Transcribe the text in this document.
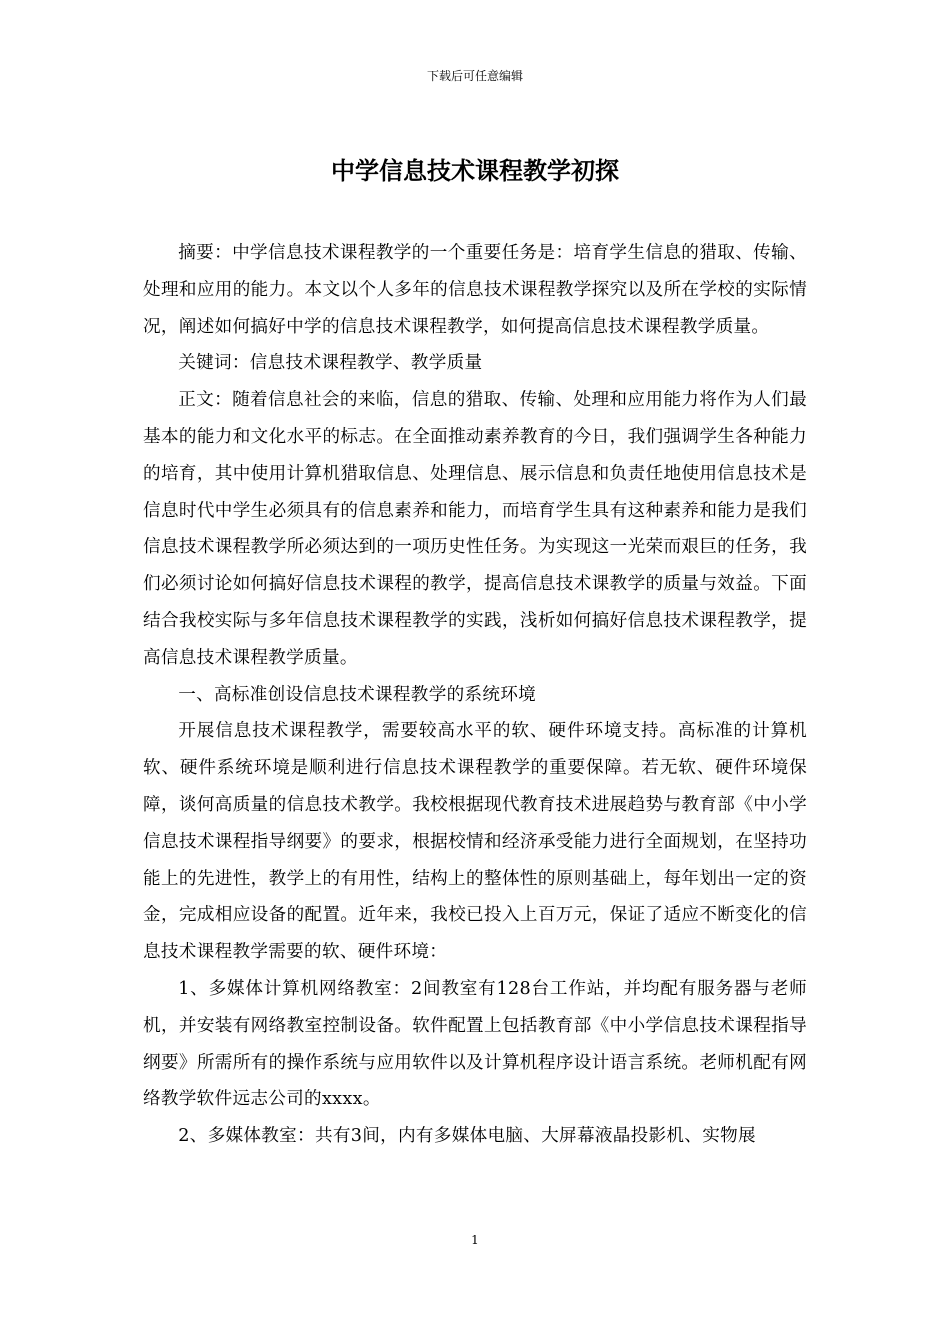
下载后可任意编辑
中学信息技术课程教学初探

摘要：中学信息技术课程教学的一个重要任务是：培育学生信息的猎取、传输、处理和应用的能力。本文以个人多年的信息技术课程教学探究以及所在学校的实际情况，阐述如何搞好中学的信息技术课程教学，如何提高信息技术课程教学质量。

关键词：信息技术课程教学、教学质量

正文：随着信息社会的来临，信息的猎取、传输、处理和应用能力将作为人们最基本的能力和文化水平的标志。在全面推动素养教育的今日，我们强调学生各种能力的培育，其中使用计算机猎取信息、处理信息、展示信息和负责任地使用信息技术是信息时代中学生必须具有的信息素养和能力，而培育学生具有这种素养和能力是我们信息技术课程教学所必须达到的一项历史性任务。为实现这一光荣而艰巨的任务，我们必须讨论如何搞好信息技术课程的教学，提高信息技术课教学的质量与效益。下面结合我校实际与多年信息技术课程教学的实践，浅析如何搞好信息技术课程教学，提高信息技术课程教学质量。

一、高标准创设信息技术课程教学的系统环境

开展信息技术课程教学，需要较高水平的软、硬件环境支持。高标准的计算机软、硬件系统环境是顺利进行信息技术课程教学的重要保障。若无软、硬件环境保障，谈何高质量的信息技术教学。我校根据现代教育技术进展趋势与教育部《中小学信息技术课程指导纲要》的要求，根据校情和经济承受能力进行全面规划，在坚持功能上的先进性，教学上的有用性，结构上的整体性的原则基础上，每年划出一定的资金，完成相应设备的配置。近年来，我校已投入上百万元，保证了适应不断变化的信息技术课程教学需要的软、硬件环境：

1、多媒体计算机网络教室：2间教室有128台工作站，并均配有服务器与老师机，并安装有网络教室控制设备。软件配置上包括教育部《中小学信息技术课程指导纲要》所需所有的操作系统与应用软件以及计算机程序设计语言系统。老师机配有网络教学软件远志公司的xxxx。

2、多媒体教室：共有3间，内有多媒体电脑、大屏幕液晶投影机、实物展

1
